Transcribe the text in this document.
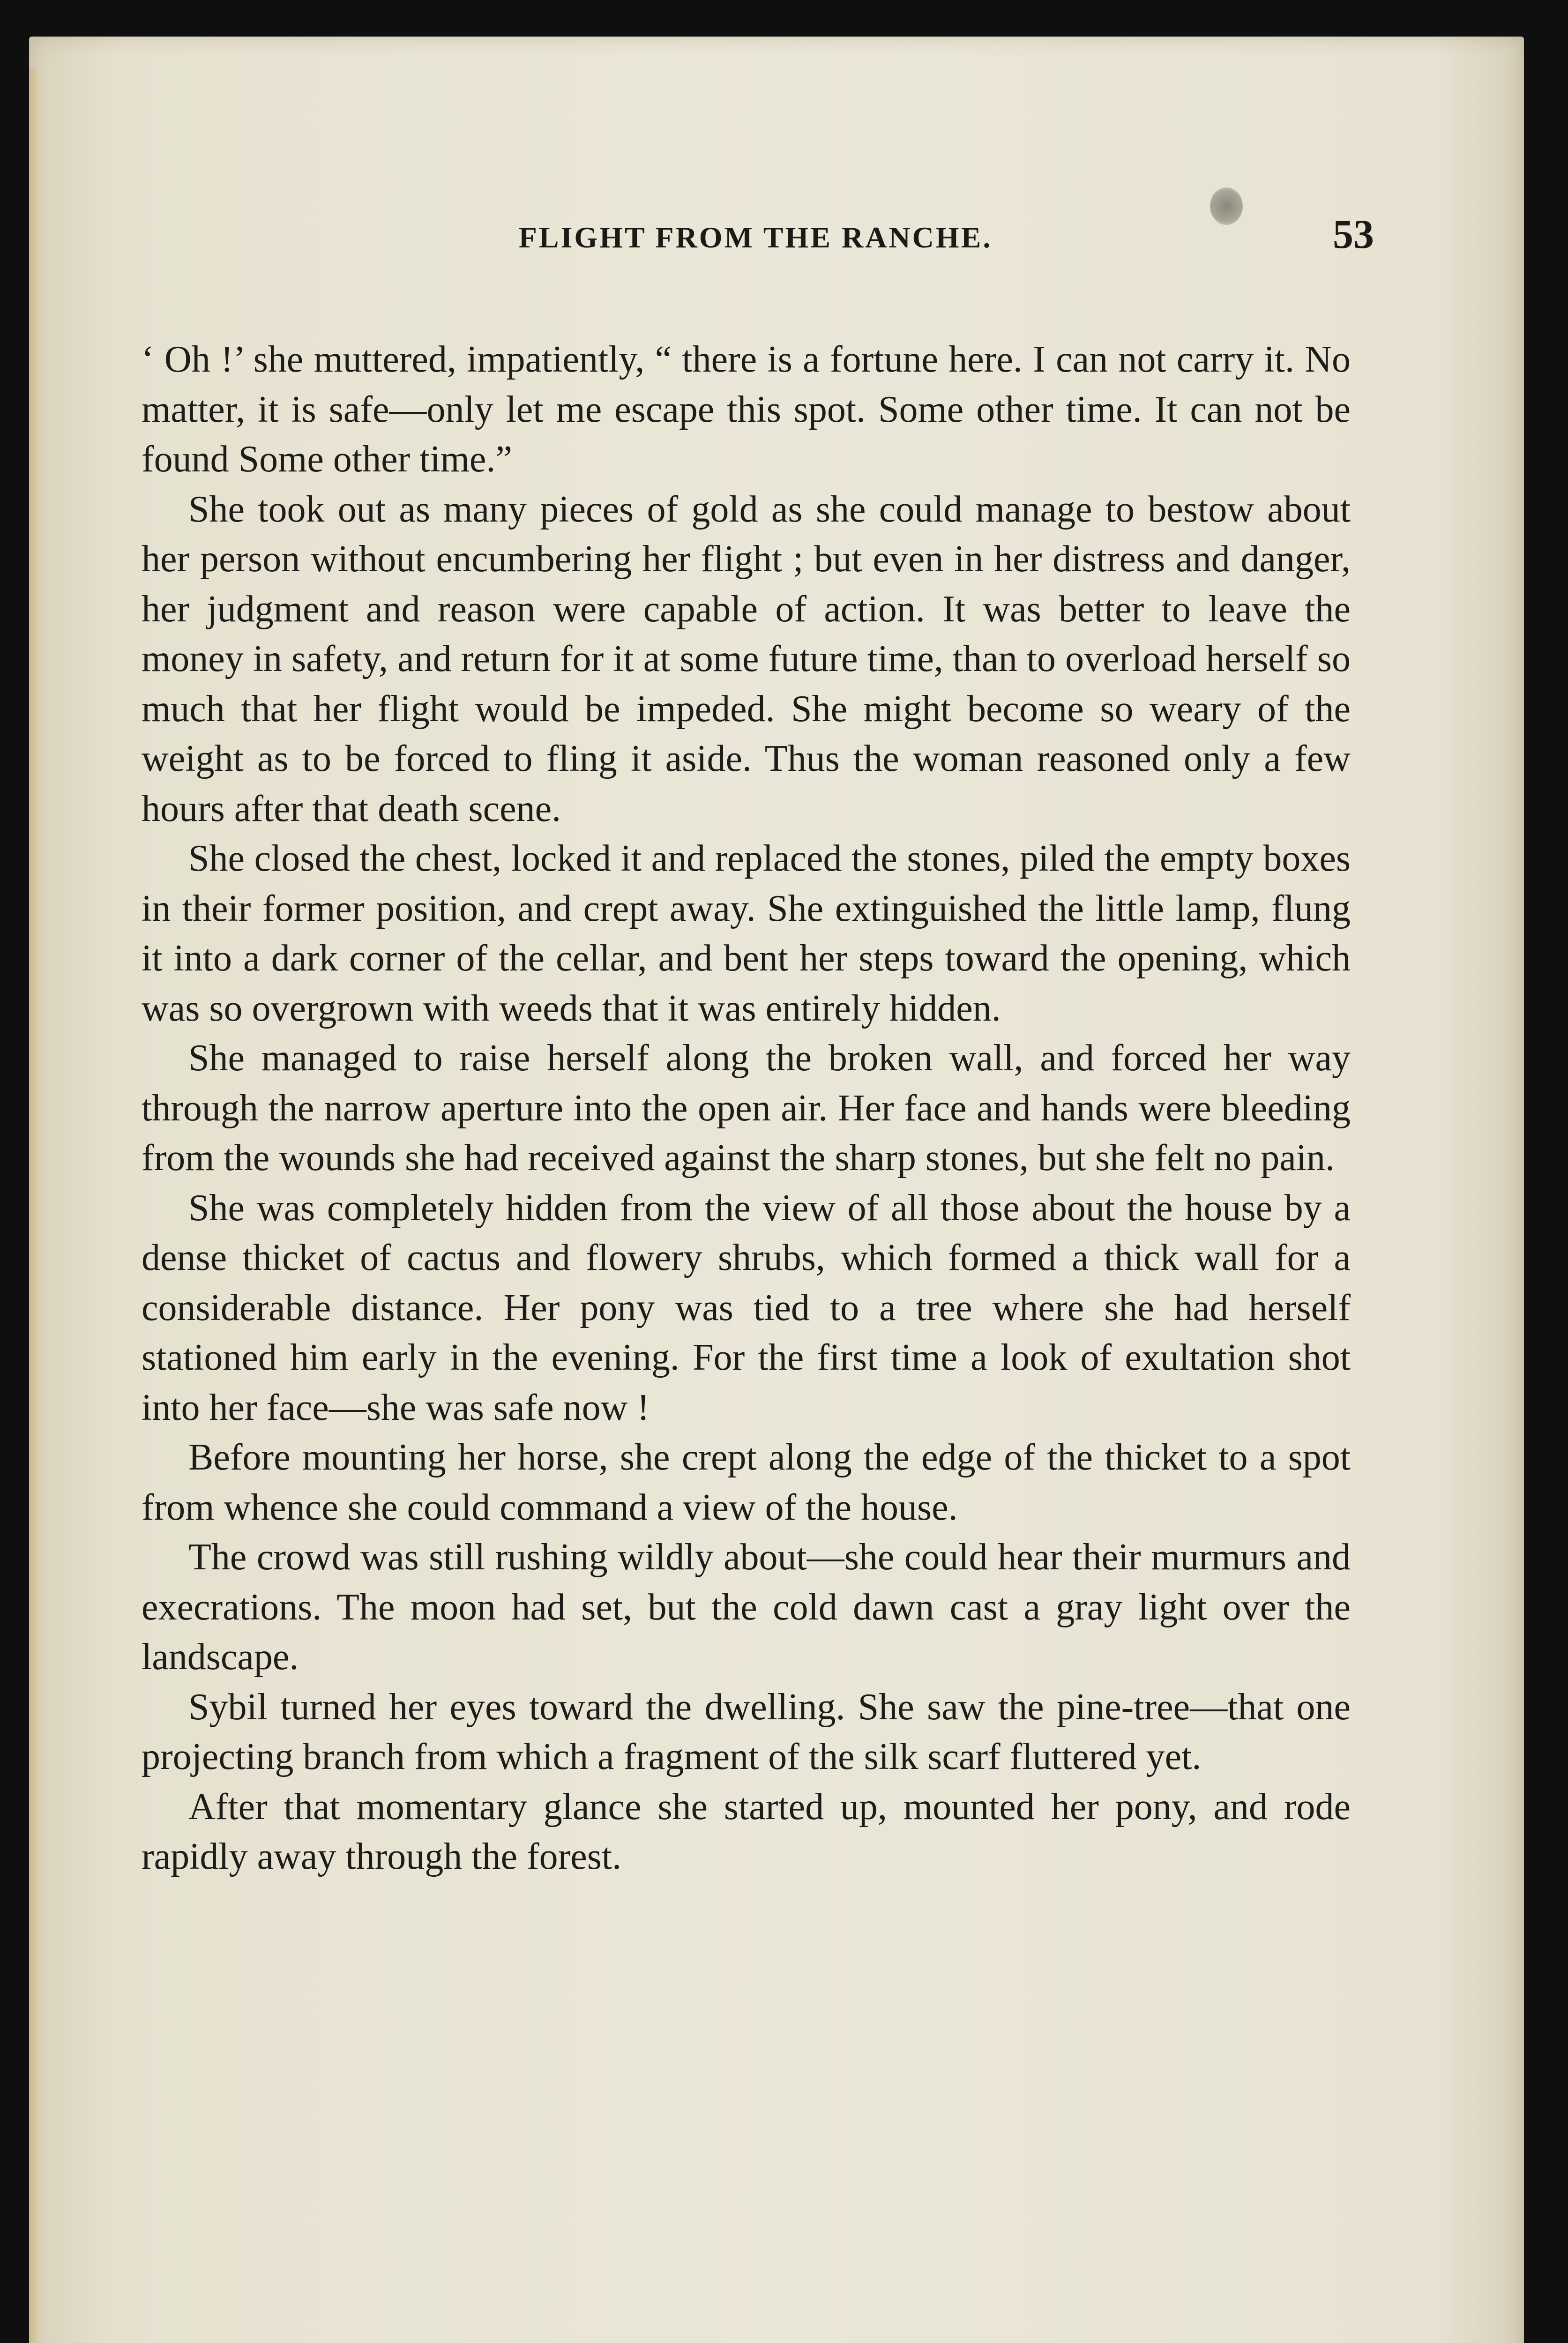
FLIGHT FROM THE RANCHE.	53

‘ Oh !’ she muttered, impatiently, “ there is a fortune here. I can not carry it. No matter, it is safe—only let me escape this spot. Some other time. It can not be found Some other time.”

She took out as many pieces of gold as she could manage to bestow about her person without encumbering her flight ; but even in her distress and danger, her judgment and reason were capable of action. It was better to leave the money in safety, and return for it at some future time, than to overload herself so much that her flight would be impeded. She might become so weary of the weight as to be forced to fling it aside. Thus the woman reasoned only a few hours after that death scene.

She closed the chest, locked it and replaced the stones, piled the empty boxes in their former position, and crept away. She extinguished the little lamp, flung it into a dark corner of the cellar, and bent her steps toward the opening, which was so overgrown with weeds that it was entirely hidden.

She managed to raise herself along the broken wall, and forced her way through the narrow aperture into the open air. Her face and hands were bleeding from the wounds she had received against the sharp stones, but she felt no pain.

She was completely hidden from the view of all those about the house by a dense thicket of cactus and flowery shrubs, which formed a thick wall for a considerable distance. Her pony was tied to a tree where she had herself stationed him early in the evening. For the first time a look of exultation shot into her face—she was safe now !

Before mounting her horse, she crept along the edge of the thicket to a spot from whence she could command a view of the house.

The crowd was still rushing wildly about—she could hear their murmurs and execrations. The moon had set, but the cold dawn cast a gray light over the landscape.

Sybil turned her eyes toward the dwelling. She saw the pine-tree—that one projecting branch from which a fragment of the silk scarf fluttered yet.

After that momentary glance she started up, mounted her pony, and rode rapidly away through the forest.
